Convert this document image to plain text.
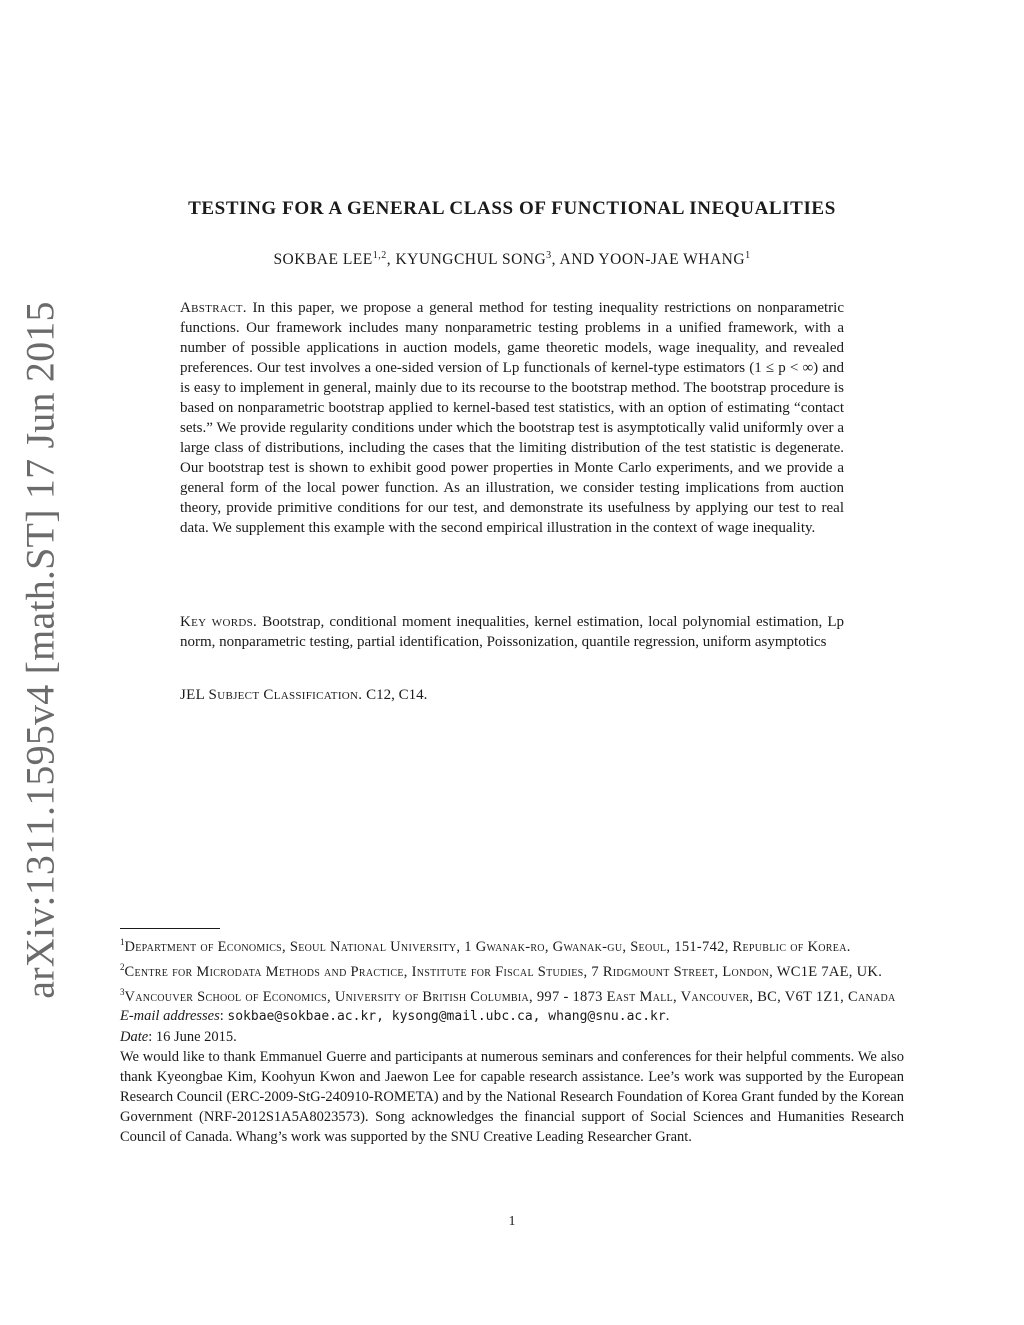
arXiv:1311.1595v4 [math.ST] 17 Jun 2015
TESTING FOR A GENERAL CLASS OF FUNCTIONAL INEQUALITIES
SOKBAE LEE$^{1,2}$, KYUNGCHUL SONG$^3$, AND YOON-JAE WHANG$^1$

Abstract. In this paper, we propose a general method for testing inequality restrictions on nonparametric functions. Our framework includes many nonparametric testing problems in a unified framework, with a number of possible applications in auction models, game theoretic models, wage inequality, and revealed preferences. Our test involves a one-sided version of Lp functionals of kernel-type estimators (1 ≤ p < ∞) and is easy to implement in general, mainly due to its recourse to the bootstrap method. The bootstrap procedure is based on nonparametric bootstrap applied to kernel-based test statistics, with an option of estimating “contact sets.” We provide regularity conditions under which the bootstrap test is asymptotically valid uniformly over a large class of distributions, including the cases that the limiting distribution of the test statistic is degenerate. Our bootstrap test is shown to exhibit good power properties in Monte Carlo experiments, and we provide a general form of the local power function. As an illustration, we consider testing implications from auction theory, provide primitive conditions for our test, and demonstrate its usefulness by applying our test to real data. We supplement this example with the second empirical illustration in the context of wage inequality.

Key words. Bootstrap, conditional moment inequalities, kernel estimation, local polynomial estimation, Lp norm, nonparametric testing, partial identification, Poissonization, quantile regression, uniform asymptotics

JEL Subject Classification. C12, C14.

$^1$Department of Economics, Seoul National University, 1 Gwanak-ro, Gwanak-gu, Seoul, 151-742, Republic of Korea.

$^2$Centre for Microdata Methods and Practice, Institute for Fiscal Studies, 7 Ridgmount Street, London, WC1E 7AE, UK.

$^3$Vancouver School of Economics, University of British Columbia, 997 - 1873 East Mall, Vancouver, BC, V6T 1Z1, Canada

E-mail addresses: sokbae@sokbae.ac.kr, kysong@mail.ubc.ca, whang@snu.ac.kr.

Date: 16 June 2015.

We would like to thank Emmanuel Guerre and participants at numerous seminars and conferences for their helpful comments. We also thank Kyeongbae Kim, Koohyun Kwon and Jaewon Lee for capable research assistance. Lee’s work was supported by the European Research Council (ERC-2009-StG-240910-ROMETA) and by the National Research Foundation of Korea Grant funded by the Korean Government (NRF-2012S1A5A8023573). Song acknowledges the financial support of Social Sciences and Humanities Research Council of Canada. Whang’s work was supported by the SNU Creative Leading Researcher Grant.

1
